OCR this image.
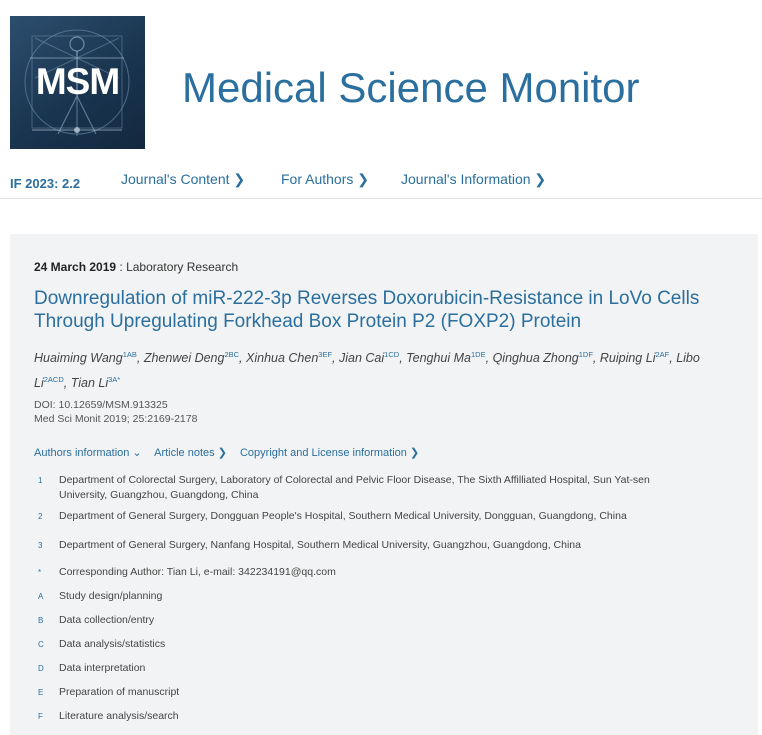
MSM	Medical Science Monitor
IF 2023: 2.2	Journal's Content ❯	For Authors ❯ Journal's Information ❯
24 March 2019 : Laboratory Research
Downregulation of miR-222-3p Reverses Doxorubicin-Resistance in LoVo Cells Through Upregulating Forkhead Box Protein P2 (FOXP2) Protein
Huaiming Wang$^{1AB}$, Zhenwei Deng$^{2BC}$, Xinhua Chen$^{3EF}$, Jian Cai$^{1CD}$, Tenghui $Ma^{1DE}$, Qinghua Zhong$^{1DF}$, Ruiping $Li^{2AF}$, Libo $Li^{2ACD}$, Tian $Li^{3A*}$
DOI: 10.12659/MSM.913325
Med Sci Monit 2019; 25:2169-2178
Authors information ⌄ Article notes ❯ Copyright and License information ❯
1 Department of Colorectal Surgery, Laboratory of Colorectal and Pelvic Floor Disease, The Sixth Affilliated Hospital, Sun Yat-sen University, Guangzhou, Guangdong, China
2 Department of General Surgery, Dongguan People's Hospital, Southern Medical University, Dongguan, Guangdong, China
3 Department of General Surgery, Nanfang Hospital, Southern Medical University, Guangzhou, Guangdong, China
* Corresponding Author: Tian Li, e-mail: 342234191@qq.com
A Study design/planning
B Data collection/entry
C Data analysis/statistics
D Data interpretation
E Preparation of manuscript
F Literature analysis/search
